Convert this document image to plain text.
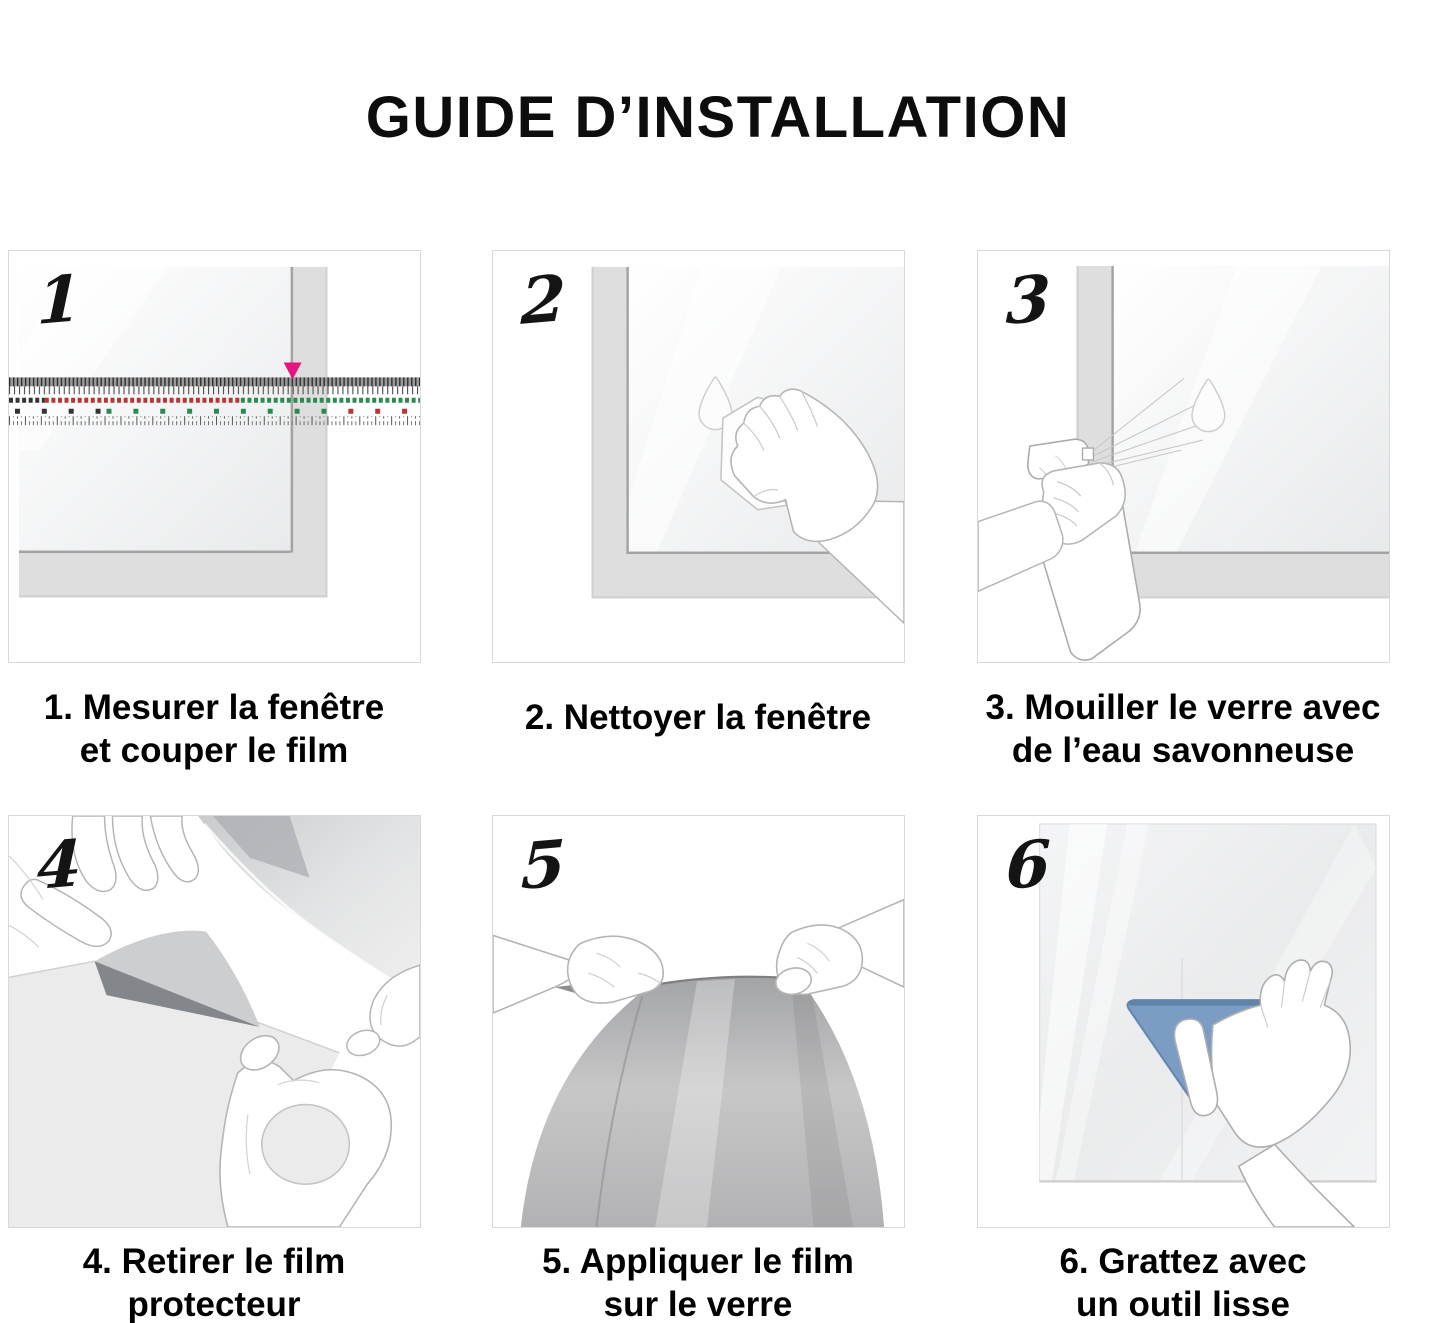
GUIDE D’INSTALLATION
1	2	3
4	5	6
1. Mesurer la fenêtre
et couper le film
2. Nettoyer la fenêtre	3. Mouiller le verre avec
de l’eau savonneuse
4. Retirer le film
protecteur
5. Appliquer le film
sur le verre
6. Grattez avec
un outil lisse
